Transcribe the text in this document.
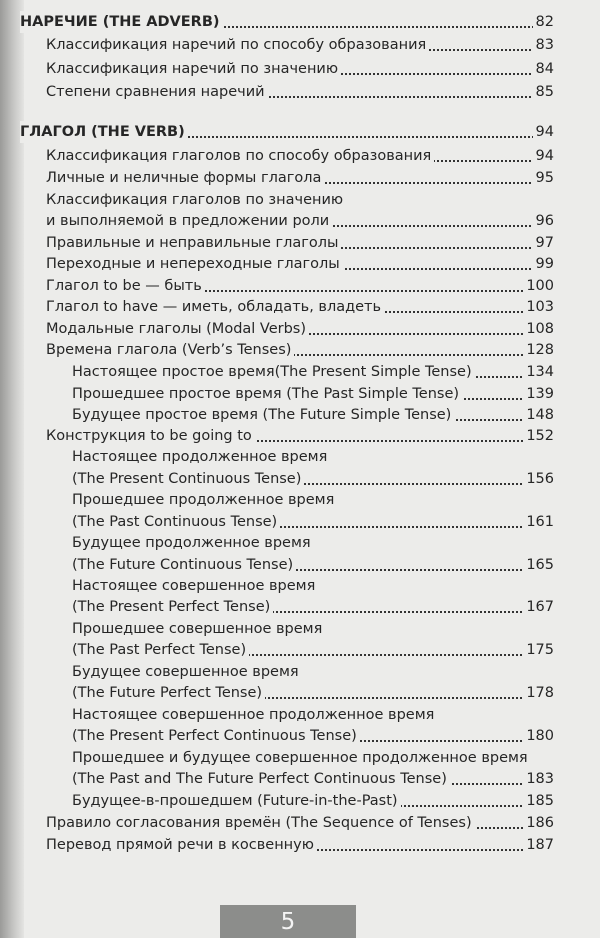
НАРЕЧИЕ (THE ADVERB)	82
Классификация наречий по способу образования	83
Классификация наречий по значению	84
Степени сравнения наречий	85
ГЛАГОЛ (THE VERB)	94
Классификация глаголов по способу образования	94
Личные и неличные формы глагола	95
Классификация глаголов по значению
и выполняемой в предложении роли	96
Правильные и неправильные глаголы	97
Переходные и непереходные глаголы	99
Глагол to be — быть	100
Глагол to have — иметь, обладать, владеть	103
Модальные глаголы (Modal Verbs)	108
Времена глагола (Verb’s Tenses)	128
Настоящее простое время(The Present Simple Tense)	134
Прошедшее простое время (The Past Simple Tense)	139
Будущее простое время (The Future Simple Tense)	148
Конструкция to be going to	152
Настоящее продолженное время
(The Present Continuous Tense)	156
Прошедшее продолженное время
(The Past Continuous Tense)	161
Будущее продолженное время
(The Future Continuous Tense)	165
Настоящее совершенное время
(The Present Perfect Tense)	167
Прошедшее совершенное время
(The Past Perfect Tense)	175
Будущее совершенное время
(The Future Perfect Tense)	178
Настоящее совершенное продолженное время
(The Present Perfect Continuous Tense)	180
Прошедшее и будущее совершенное продолженное время
(The Past and The Future Perfect Continuous Tense)	183
Будущее-в-прошедшем (Future-in-the-Past)	185
Правило согласования времён (The Sequence of Tenses)	186
Перевод прямой речи в косвенную	187
5
